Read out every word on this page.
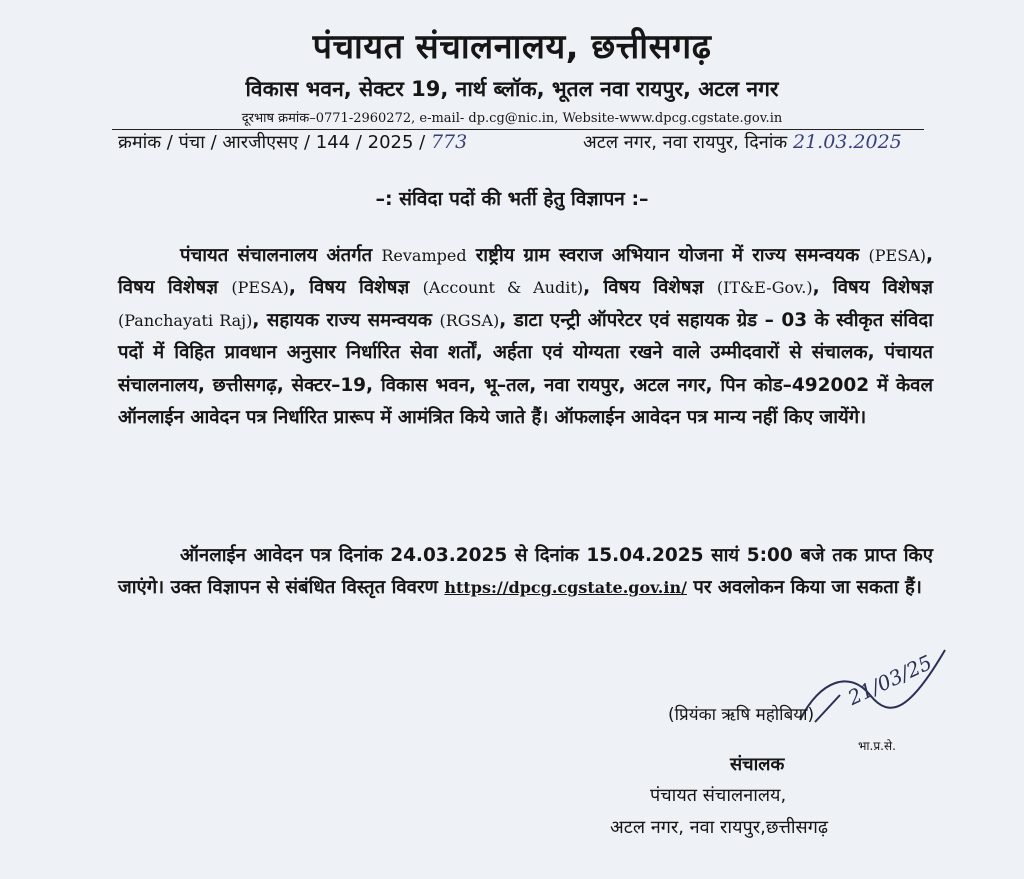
पंचायत संचालनालय, छत्तीसगढ़
विकास भवन, सेक्टर 19, नार्थ ब्लॉक, भूतल नवा रायपुर, अटल नगर
दूरभाष क्रमांक–0771-2960272, e-mail- dp.cg@nic.in, Website-www.dpcg.cgstate.gov.in
क्रमांक / पंचा / आरजीएसए / 144 / 2025 / 773	अटल नगर, नवा रायपुर, दिनांक 21.03.2025
–: संविदा पदों की भर्ती हेतु विज्ञापन :–
पंचायत संचालनालय अंतर्गत Revamped राष्ट्रीय ग्राम स्वराज अभियान योजना में राज्य समन्वयक (PESA), विषय विशेषज्ञ (PESA), विषय विशेषज्ञ (Account & Audit), विषय विशेषज्ञ (IT&E-Gov.), विषय विशेषज्ञ (Panchayati Raj), सहायक राज्य समन्वयक (RGSA), डाटा एन्ट्री ऑपरेटर एवं सहायक ग्रेड – 03 के स्वीकृत संविदा पदों में विहित प्रावधान अनुसार निर्धारित सेवा शर्तों, अर्हता एवं योग्यता रखने वाले उम्मीदवारों से संचालक, पंचायत संचालनालय, छत्तीसगढ़, सेक्टर–19, विकास भवन, भू–तल, नवा रायपुर, अटल नगर, पिन कोड–492002 में केवल ऑनलाईन आवेदन पत्र निर्धारित प्रारूप में आमंत्रित किये जाते हैं। ऑफलाईन आवेदन पत्र मान्य नहीं किए जायेंगे।
ऑनलाईन आवेदन पत्र दिनांक 24.03.2025 से दिनांक 15.04.2025 सायं 5:00 बजे तक प्राप्त किए जाएंगे। उक्त विज्ञापन से संबंधित विस्तृत विवरण https://dpcg.cgstate.gov.in/ पर अवलोकन किया जा सकता हैं।
21/03/25
(प्रियंका ऋषि महोबिया)
भा.प्र.से.
संचालक
पंचायत संचालनालय,
अटल नगर, नवा रायपुर,छत्तीसगढ़
